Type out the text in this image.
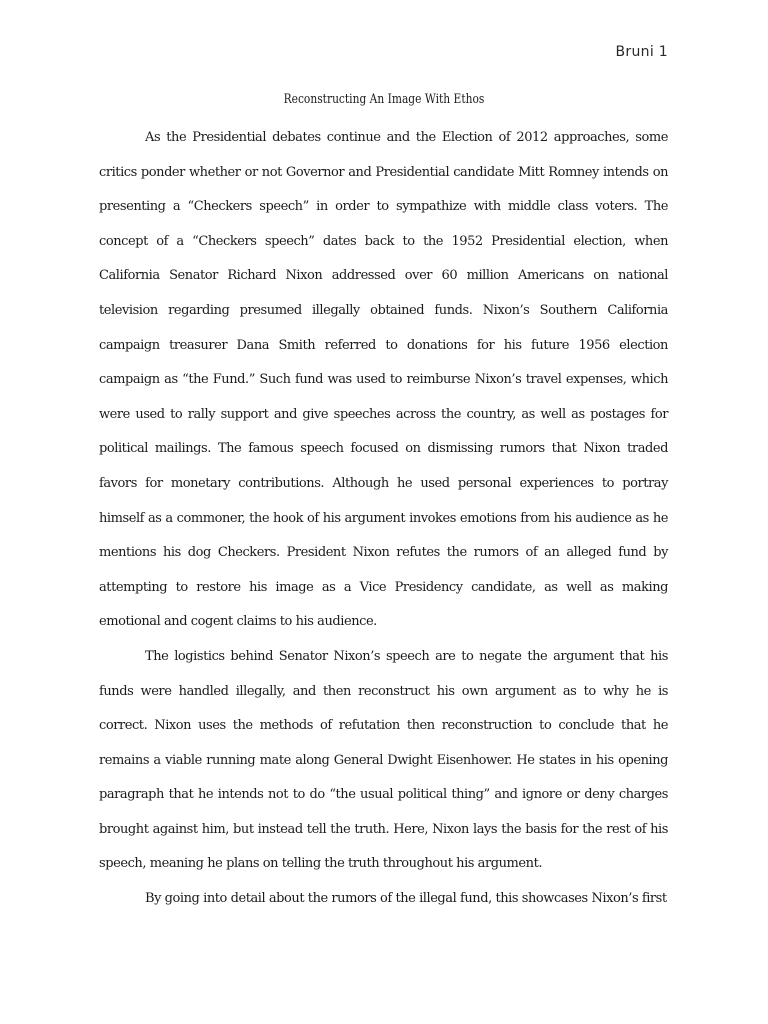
Bruni 1
Reconstructing An Image With Ethos

As the Presidential debates continue and the Election of 2012 approaches, some critics ponder whether or not Governor and Presidential candidate Mitt Romney intends on presenting a “Checkers speech” in order to sympathize with middle class voters. The concept of a “Checkers speech” dates back to the 1952 Presidential election, when California Senator Richard Nixon addressed over 60 million Americans on national television regarding presumed illegally obtained funds. Nixon’s Southern California campaign treasurer Dana Smith referred to donations for his future 1956 election campaign as “the Fund.” Such fund was used to reimburse Nixon’s travel expenses, which were used to rally support and give speeches across the country, as well as postages for political mailings. The famous speech focused on dismissing rumors that Nixon traded favors for monetary contributions. Although he used personal experiences to portray himself as a commoner, the hook of his argument invokes emotions from his audience as he mentions his dog Checkers. President Nixon refutes the rumors of an alleged fund by attempting to restore his image as a Vice Presidency candidate, as well as making emotional and cogent claims to his audience.

The logistics behind Senator Nixon’s speech are to negate the argument that his funds were handled illegally, and then reconstruct his own argument as to why he is correct. Nixon uses the methods of refutation then reconstruction to conclude that he remains a viable running mate along General Dwight Eisenhower. He states in his opening paragraph that he intends not to do “the usual political thing” and ignore or deny charges brought against him, but instead tell the truth. Here, Nixon lays the basis for the rest of his speech, meaning he plans on telling the truth throughout his argument.

By going into detail about the rumors of the illegal fund, this showcases Nixon’s first
